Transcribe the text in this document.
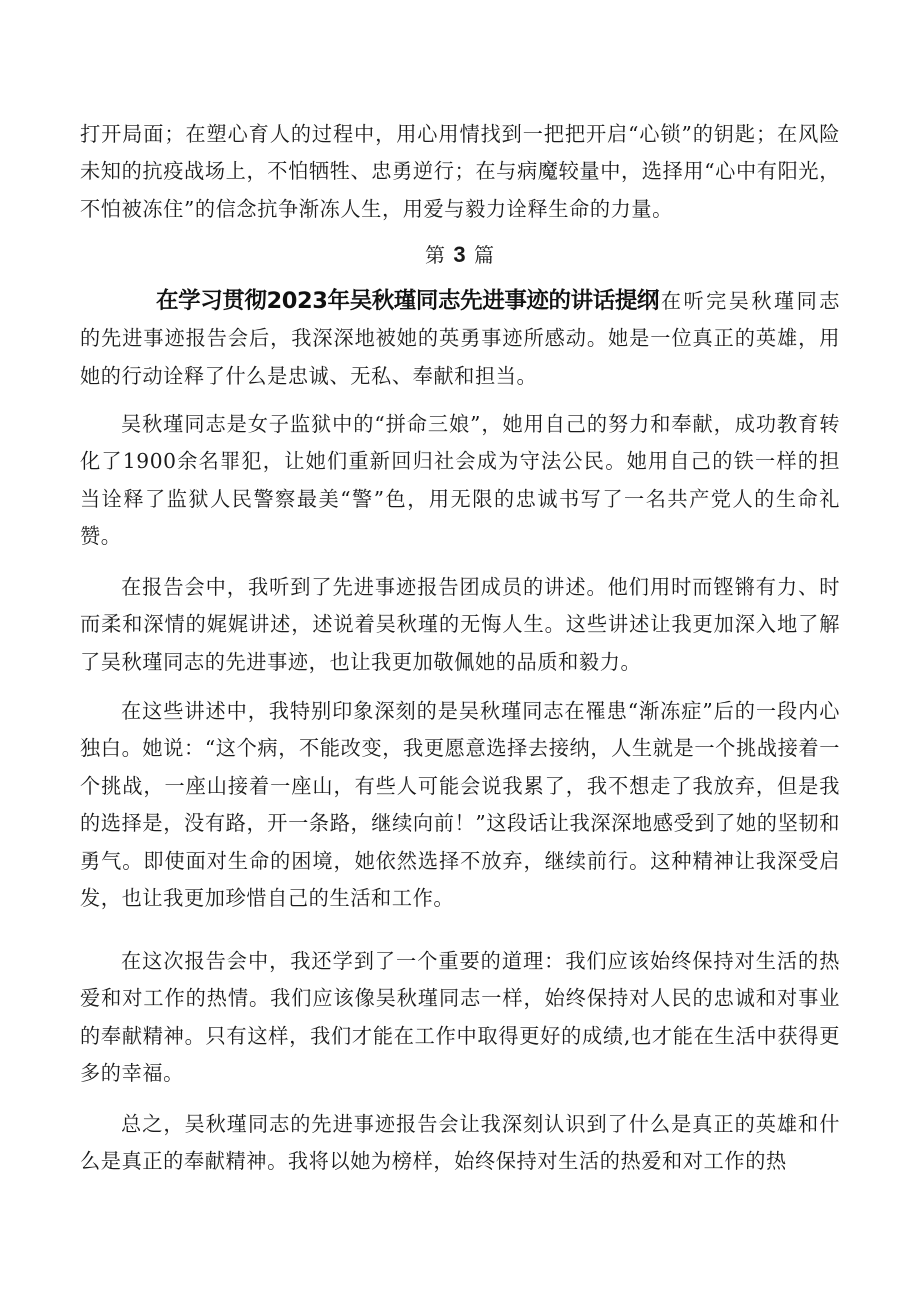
打开局面；在塑心育人的过程中，用心用情找到一把把开启“心锁”的钥匙；在风险未知的抗疫战场上，不怕牺牲、忠勇逆行；在与病魔较量中，选择用“心中有阳光，不怕被冻住”的信念抗争渐冻人生，用爱与毅力诠释生命的力量。

第 3 篇

在学习贯彻2023年吴秋瑾同志先进事迹的讲话提纲在听完吴秋瑾同志的先进事迹报告会后，我深深地被她的英勇事迹所感动。她是一位真正的英雄，用她的行动诠释了什么是忠诚、无私、奉献和担当。

吴秋瑾同志是女子监狱中的“拼命三娘”，她用自己的努力和奉献，成功教育转化了1900余名罪犯，让她们重新回归社会成为守法公民。她用自己的铁一样的担当诠释了监狱人民警察最美“警”色，用无限的忠诚书写了一名共产党人的生命礼赞。

在报告会中，我听到了先进事迹报告团成员的讲述。他们用时而铿锵有力、时而柔和深情的娓娓讲述，述说着吴秋瑾的无悔人生。这些讲述让我更加深入地了解了吴秋瑾同志的先进事迹，也让我更加敬佩她的品质和毅力。

在这些讲述中，我特别印象深刻的是吴秋瑾同志在罹患“渐冻症”后的一段内心独白。她说：“这个病，不能改变，我更愿意选择去接纳，人生就是一个挑战接着一个挑战，一座山接着一座山，有些人可能会说我累了，我不想走了我放弃，但是我的选择是，没有路，开一条路，继续向前！”这段话让我深深地感受到了她的坚韧和勇气。即使面对生命的困境，她依然选择不放弃，继续前行。这种精神让我深受启发，也让我更加珍惜自己的生活和工作。

在这次报告会中，我还学到了一个重要的道理：我们应该始终保持对生活的热爱和对工作的热情。我们应该像吴秋瑾同志一样，始终保持对人民的忠诚和对事业的奉献精神。只有这样，我们才能在工作中取得更好的成绩,也才能在生活中获得更多的幸福。

总之，吴秋瑾同志的先进事迹报告会让我深刻认识到了什么是真正的英雄和什么是真正的奉献精神。我将以她为榜样，始终保持对生活的热爱和对工作的热
